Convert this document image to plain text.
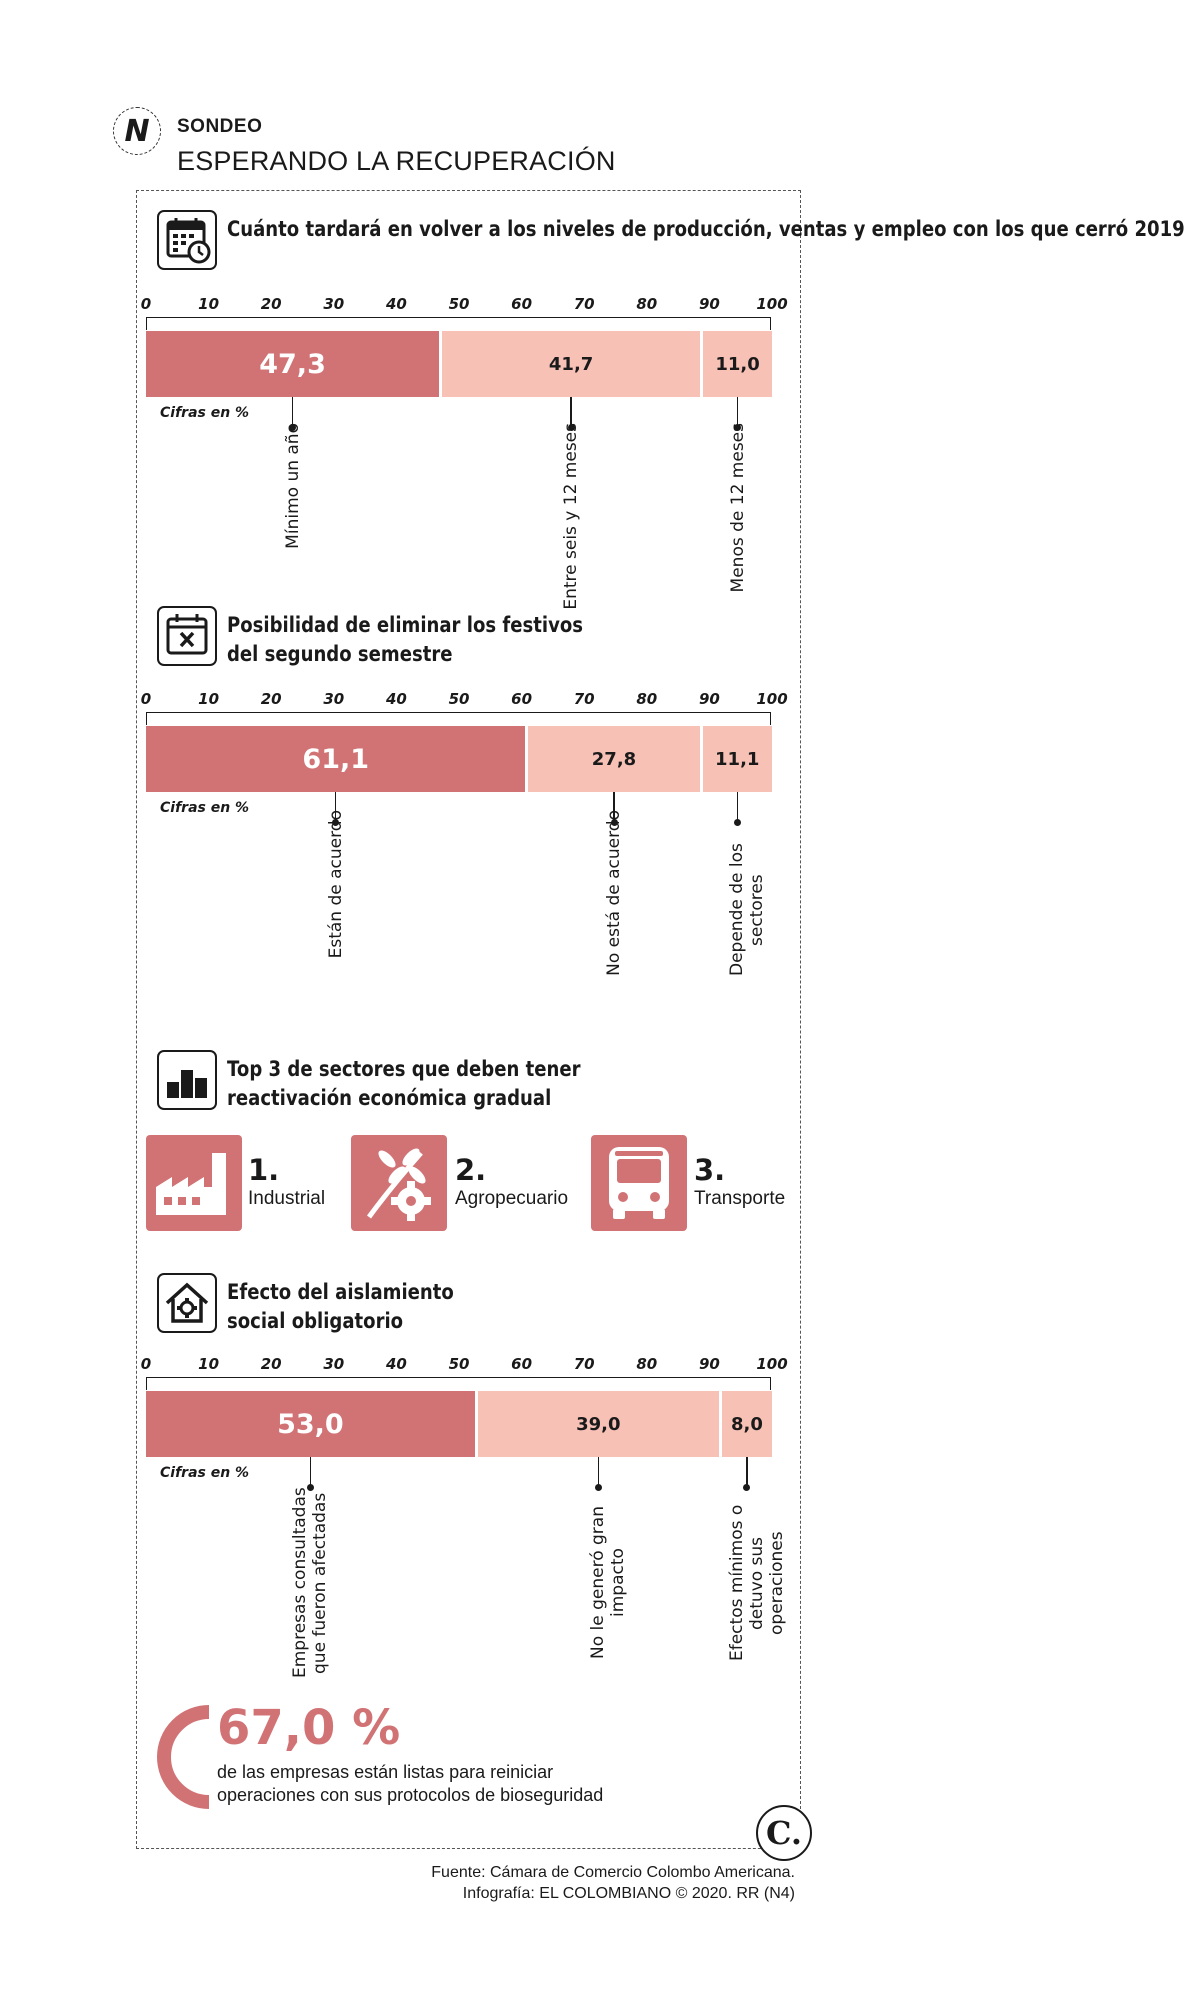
N	SONDEO
ESPERANDO LA RECUPERACIÓN
Cuánto tardará en volver a los niveles de producción, ventas y empleo con los que cerró 2019
0	10	20	30	40	50	60	70	80	90 100
47,3	41,7	11,0
Cifras en %
Mínimo un año	Entre seis y 12 meses	Menos de 12 meses
Posibilidad de eliminar los festivos del segundo semestre
0	10	20	30	40	50	60	70	80	90 100
61,1	27,8	11,1
Cifras en %
Están de acuerdo	No está de acuerdo	Depende de los sectores
Top 3 de sectores que deben tener reactivación económica gradual
1.
Industrial
2.
Agropecuario
3.
Transporte
Efecto del aislamiento social obligatorio
0	10	20	30	40	50	60	70	80	90 100
53,0	39,0	8,0
Cifras en %
Empresas consultadas que fueron afectadas	No le generó gran impacto	Efectos mínimos o detuvo sus operaciones
67,0 %
de las empresas están listas para reiniciar
operaciones con sus protocolos de bioseguridad
C.
Fuente: Cámara de Comercio Colombo Americana.
Infografía: EL COLOMBIANO © 2020. RR (N4)
